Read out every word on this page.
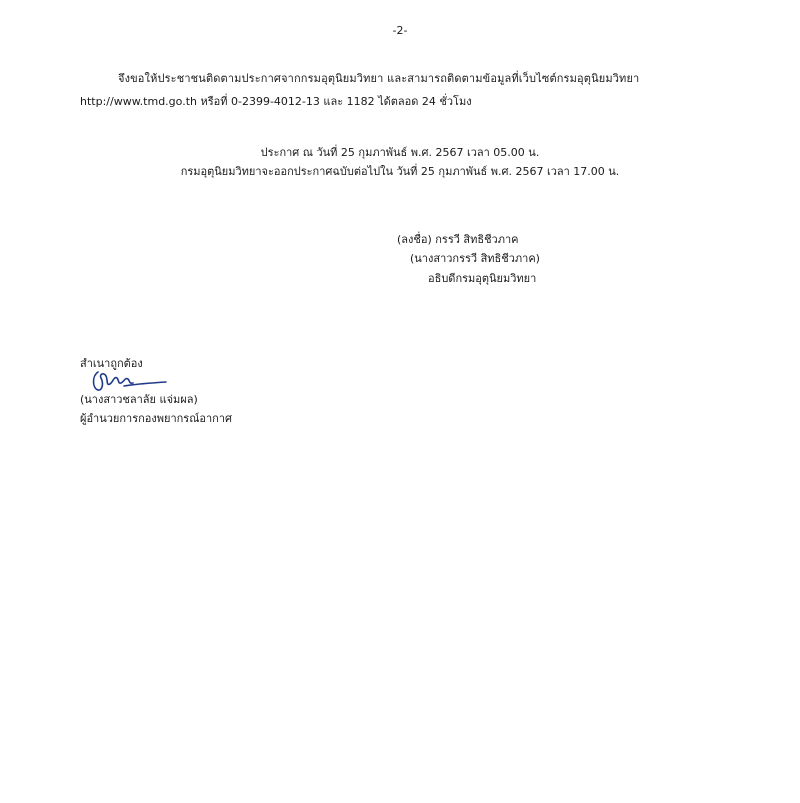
-2-
จึงขอให้ประชาชนติดตามประกาศจากกรมอุตุนิยมวิทยา และสามารถติดตามข้อมูลที่เว็บไซต์กรมอุตุนิยมวิทยา
http://www.tmd.go.th หรือที่ 0-2399-4012-13 และ 1182 ได้ตลอด 24 ชั่วโมง
ประกาศ ณ วันที่ 25 กุมภาพันธ์ พ.ศ. 2567 เวลา 05.00 น.
กรมอุตุนิยมวิทยาจะออกประกาศฉบับต่อไปใน วันที่ 25 กุมภาพันธ์ พ.ศ. 2567 เวลา 17.00 น.
(ลงชื่อ) กรรวี สิทธิชีวภาค
(นางสาวกรรวี สิทธิชีวภาค)
อธิบดีกรมอุตุนิยมวิทยา
สำเนาถูกต้อง
(นางสาวชลาลัย แจ่มผล)
ผู้อำนวยการกองพยากรณ์อากาศ
